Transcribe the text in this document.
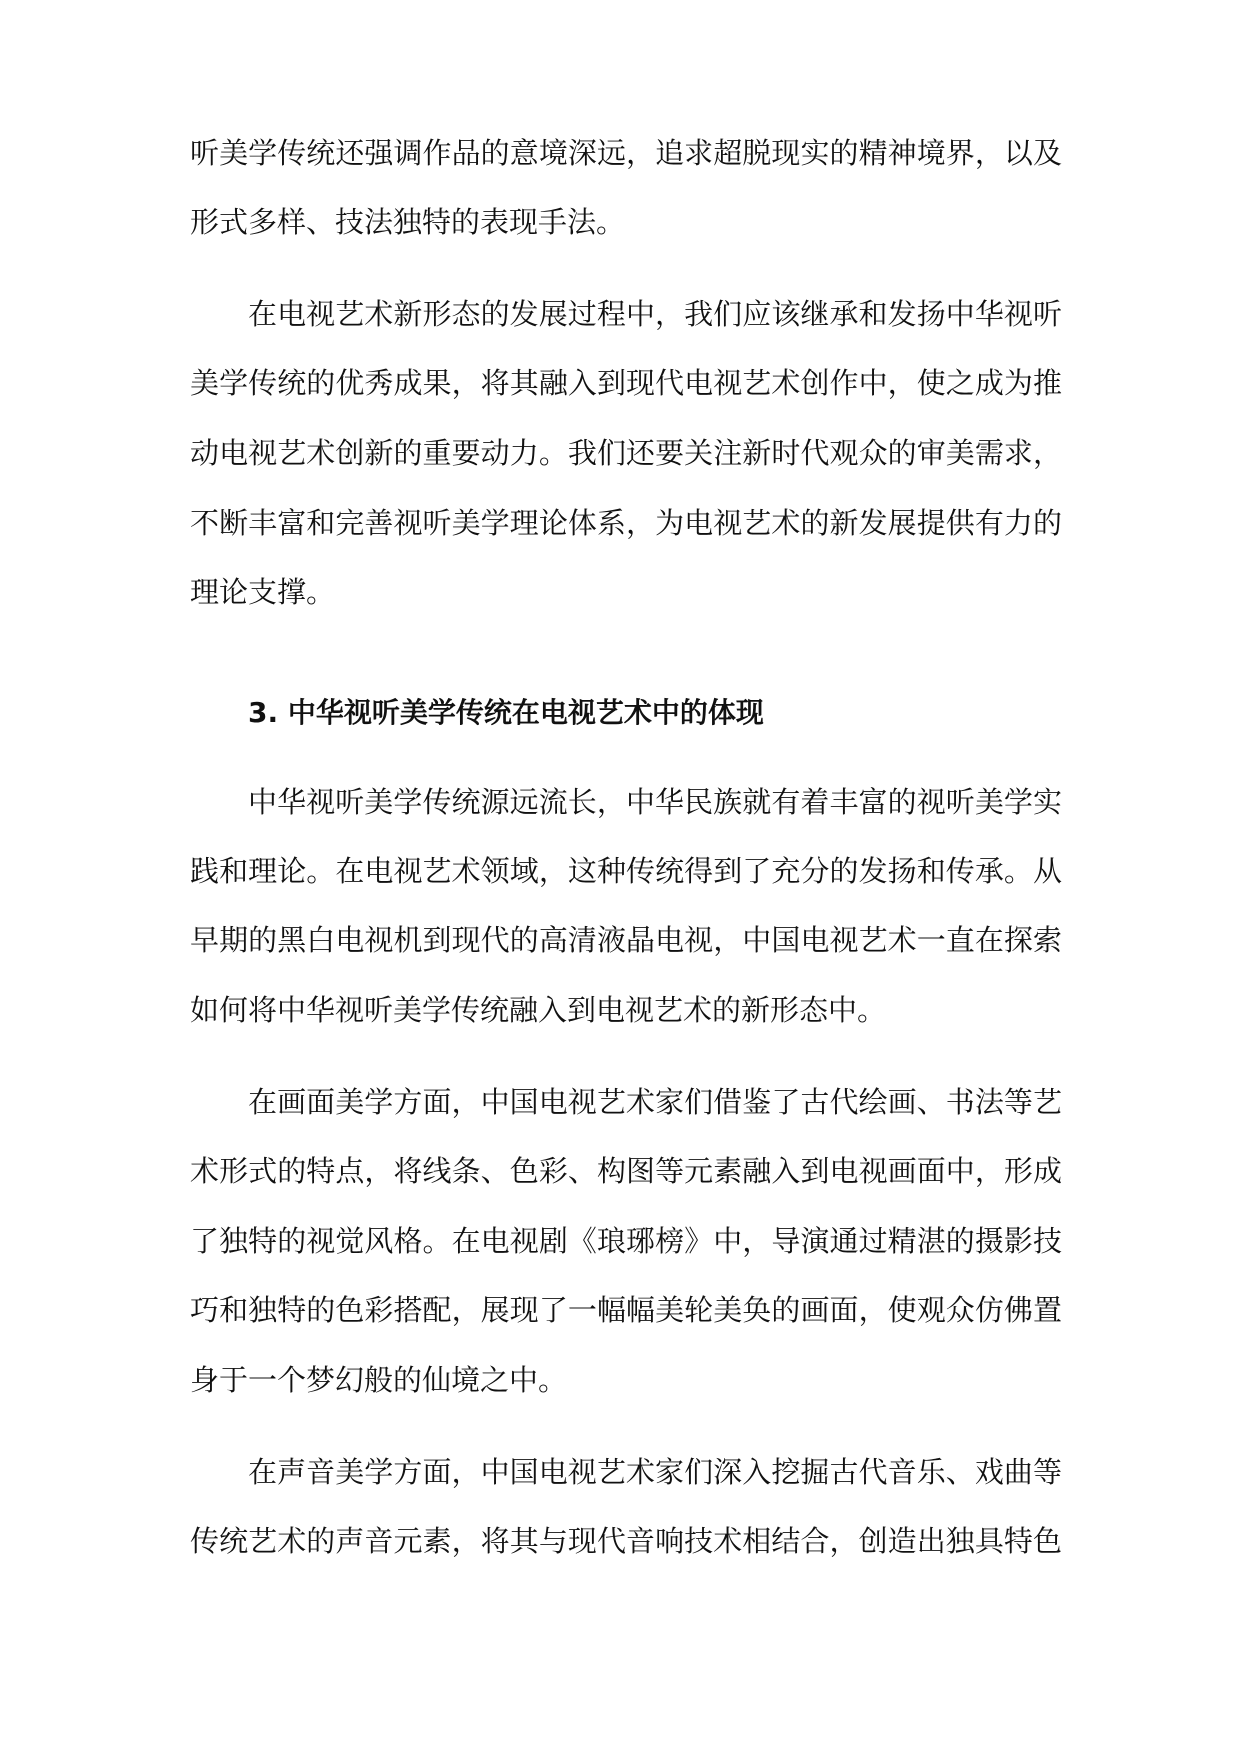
听美学传统还强调作品的意境深远，追求超脱现实的精神境界，以及

形式多样、技法独特的表现手法。

在电视艺术新形态的发展过程中，我们应该继承和发扬中华视听

美学传统的优秀成果，将其融入到现代电视艺术创作中，使之成为推

动电视艺术创新的重要动力。我们还要关注新时代观众的审美需求，

不断丰富和完善视听美学理论体系，为电视艺术的新发展提供有力的

理论支撑。

3. 中华视听美学传统在电视艺术中的体现

中华视听美学传统源远流长，中华民族就有着丰富的视听美学实

践和理论。在电视艺术领域，这种传统得到了充分的发扬和传承。从

早期的黑白电视机到现代的高清液晶电视，中国电视艺术一直在探索

如何将中华视听美学传统融入到电视艺术的新形态中。

在画面美学方面，中国电视艺术家们借鉴了古代绘画、书法等艺

术形式的特点，将线条、色彩、构图等元素融入到电视画面中，形成

了独特的视觉风格。在电视剧《琅琊榜》中，导演通过精湛的摄影技

巧和独特的色彩搭配，展现了一幅幅美轮美奂的画面，使观众仿佛置

身于一个梦幻般的仙境之中。

在声音美学方面，中国电视艺术家们深入挖掘古代音乐、戏曲等

传统艺术的声音元素，将其与现代音响技术相结合，创造出独具特色
